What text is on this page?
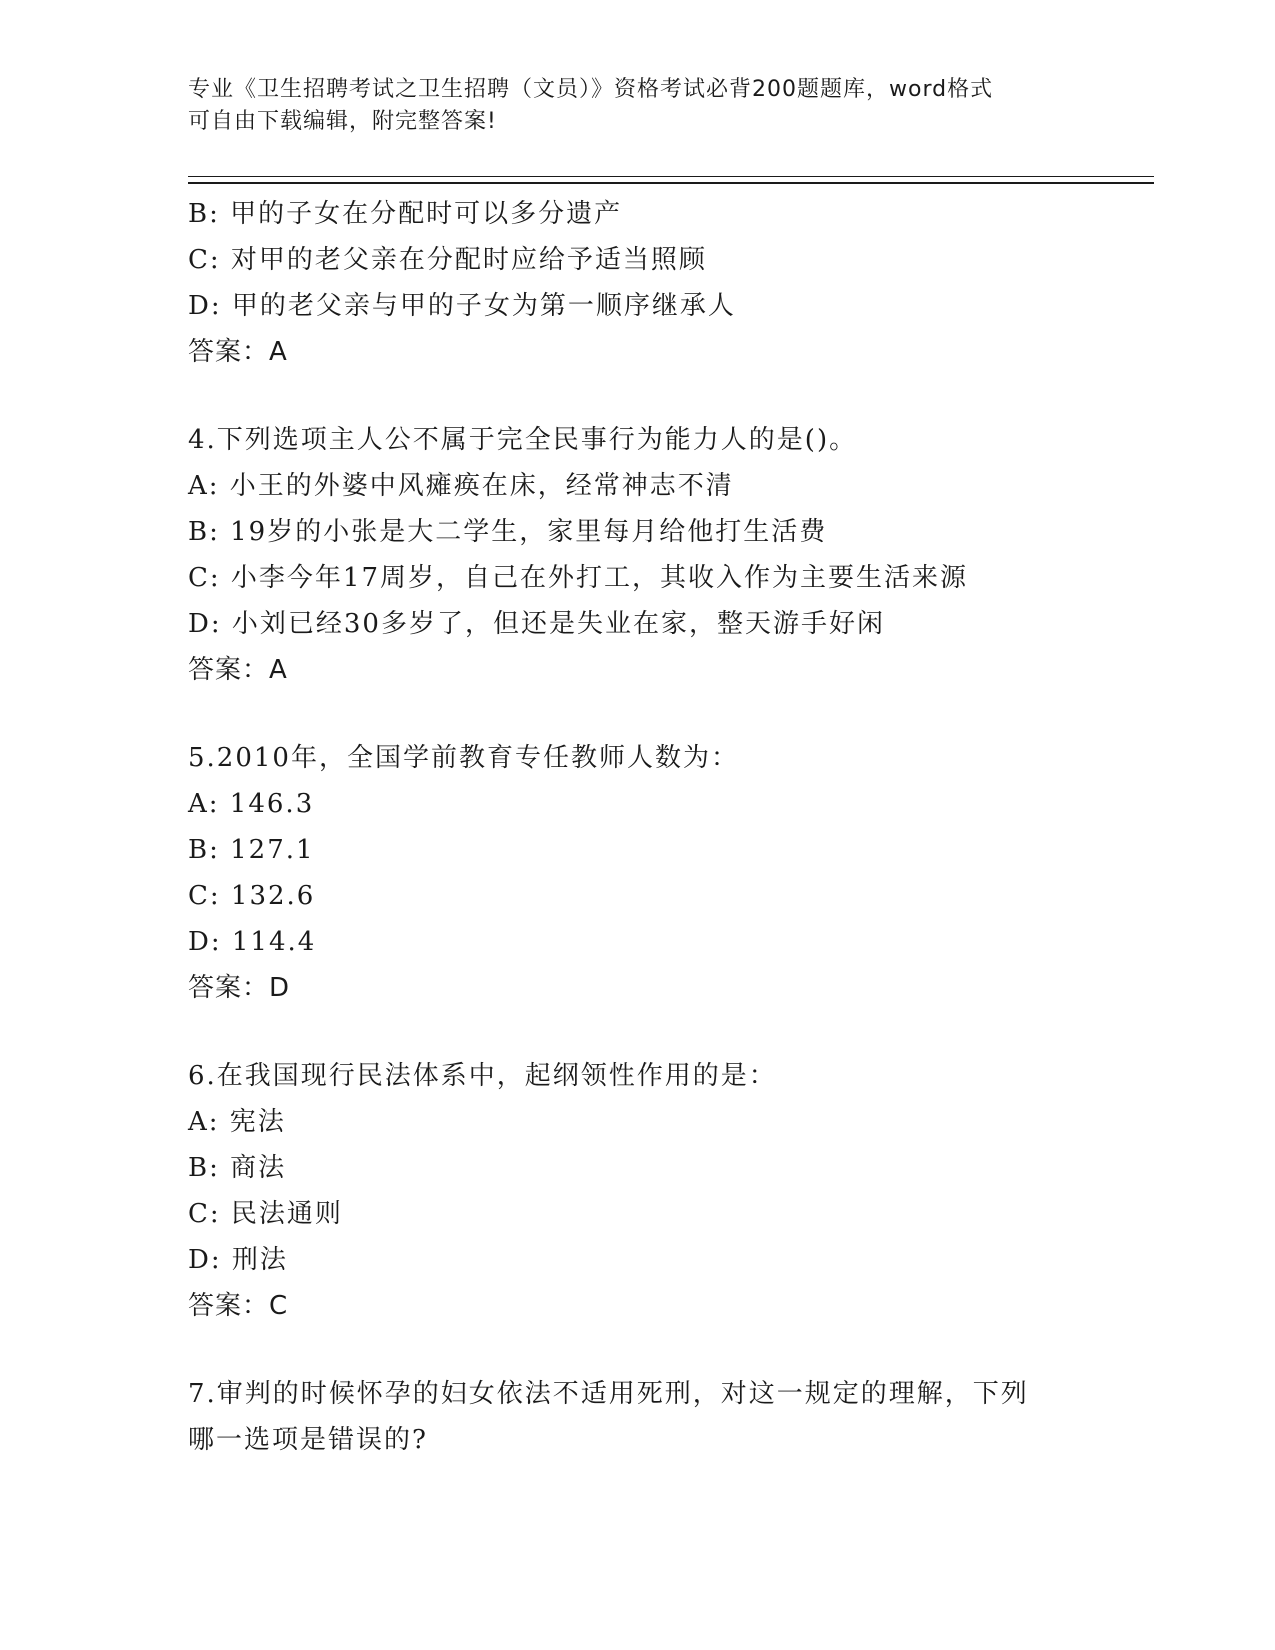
专业《卫生招聘考试之卫生招聘（文员）》资格考试必背200题题库，word格式
可自由下载编辑，附完整答案!
B: 甲的子女在分配时可以多分遗产
C: 对甲的老父亲在分配时应给予适当照顾
D: 甲的老父亲与甲的子女为第一顺序继承人
答案：A
4.下列选项主人公不属于完全民事行为能力人的是()。
A: 小王的外婆中风瘫痪在床，经常神志不清
B: 19岁的小张是大二学生，家里每月给他打生活费
C: 小李今年17周岁，自己在外打工，其收入作为主要生活来源
D: 小刘已经30多岁了，但还是失业在家，整天游手好闲
答案：A
5.2010年，全国学前教育专任教师人数为：
A: 146.3
B: 127.1
C: 132.6
D: 114.4
答案：D
6.在我国现行民法体系中，起纲领性作用的是：
A: 宪法
B: 商法
C: 民法通则
D: 刑法
答案：C
7.审判的时候怀孕的妇女依法不适用死刑，对这一规定的理解，下列
哪一选项是错误的?
